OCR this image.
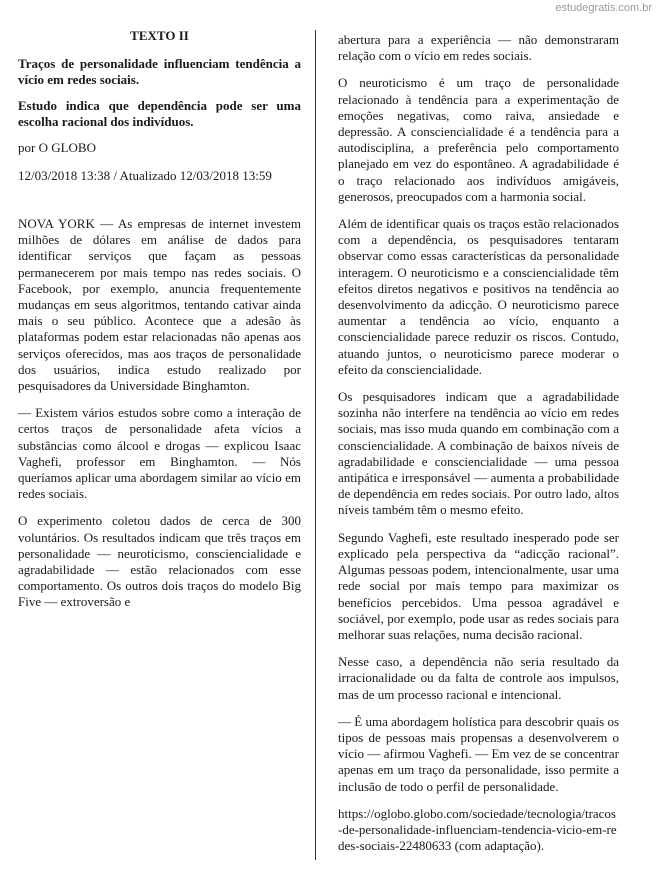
estudegratis.com.br
TEXTO II

Traços de personalidade influenciam tendência a vício em redes sociais.

Estudo indica que dependência pode ser uma escolha racional dos indivíduos.

por O GLOBO

12/03/2018 13:38 / Atualizado 12/03/2018 13:59

NOVA YORK — As empresas de internet investem milhões de dólares em análise de dados para identificar serviços que façam as pessoas permanecerem por mais tempo nas redes sociais. O Facebook, por exemplo, anuncia frequentemente mudanças em seus algoritmos, tentando cativar ainda mais o seu público. Acontece que a adesão às plataformas podem estar relacionadas não apenas aos serviços oferecidos, mas aos traços de personalidade dos usuários, indica estudo realizado por pesquisadores da Universidade Binghamton.

— Existem vários estudos sobre como a interação de certos traços de personalidade afeta vícios a substâncias como álcool e drogas — explicou Isaac Vaghefi, professor em Binghamton. — Nós queríamos aplicar uma abordagem similar ao vício em redes sociais.

O experimento coletou dados de cerca de 300 voluntários. Os resultados indicam que três traços em personalidade — neuroticismo, consciencialidade e agradabilidade — estão relacionados com esse comportamento. Os outros dois traços do modelo Big Five — extroversão e

abertura para a experiência — não demonstraram relação com o vício em redes sociais.

O neuroticismo é um traço de personalidade relacionado à tendência para a experimentação de emoções negativas, como raiva, ansiedade e depressão. A consciencialidade é a tendência para a autodisciplina, a preferência pelo comportamento planejado em vez do espontâneo. A agradabilidade é o traço relacionado aos indivíduos amigáveis, generosos, preocupados com a harmonia social.

Além de identificar quais os traços estão relacionados com a dependência, os pesquisadores tentaram observar como essas características da personalidade interagem. O neuroticismo e a consciencialidade têm efeitos diretos negativos e positivos na tendência ao desenvolvimento da adicção. O neuroticismo parece aumentar a tendência ao vício, enquanto a consciencialidade parece reduzir os riscos. Contudo, atuando juntos, o neuroticismo parece moderar o efeito da consciencialidade.

Os pesquisadores indicam que a agradabilidade sozinha não interfere na tendência ao vício em redes sociais, mas isso muda quando em combinação com a consciencialidade. A combinação de baixos níveis de agradabilidade e consciencialidade — uma pessoa antipática e irresponsável — aumenta a probabilidade de dependência em redes sociais. Por outro lado, altos níveis também têm o mesmo efeito.

Segundo Vaghefi, este resultado inesperado pode ser explicado pela perspectiva da “adicção racional”. Algumas pessoas podem, intencionalmente, usar uma rede social por mais tempo para maximizar os benefícios percebidos. Uma pessoa agradável e sociável, por exemplo, pode usar as redes sociais para melhorar suas relações, numa decisão racional.

Nesse caso, a dependência não seria resultado da irracionalidade ou da falta de controle aos impulsos, mas de um processo racional e intencional.

— É uma abordagem holística para descobrir quais os tipos de pessoas mais propensas a desenvolverem o vício — afirmou Vaghefi. — Em vez de se concentrar apenas em um traço da personalidade, isso permite a inclusão de todo o perfil de personalidade.

https://oglobo.globo.com/sociedade/tecnologia/tracos-de-personalidade-influenciam-tendencia-vicio-em-redes-sociais-22480633 (com adaptação).
